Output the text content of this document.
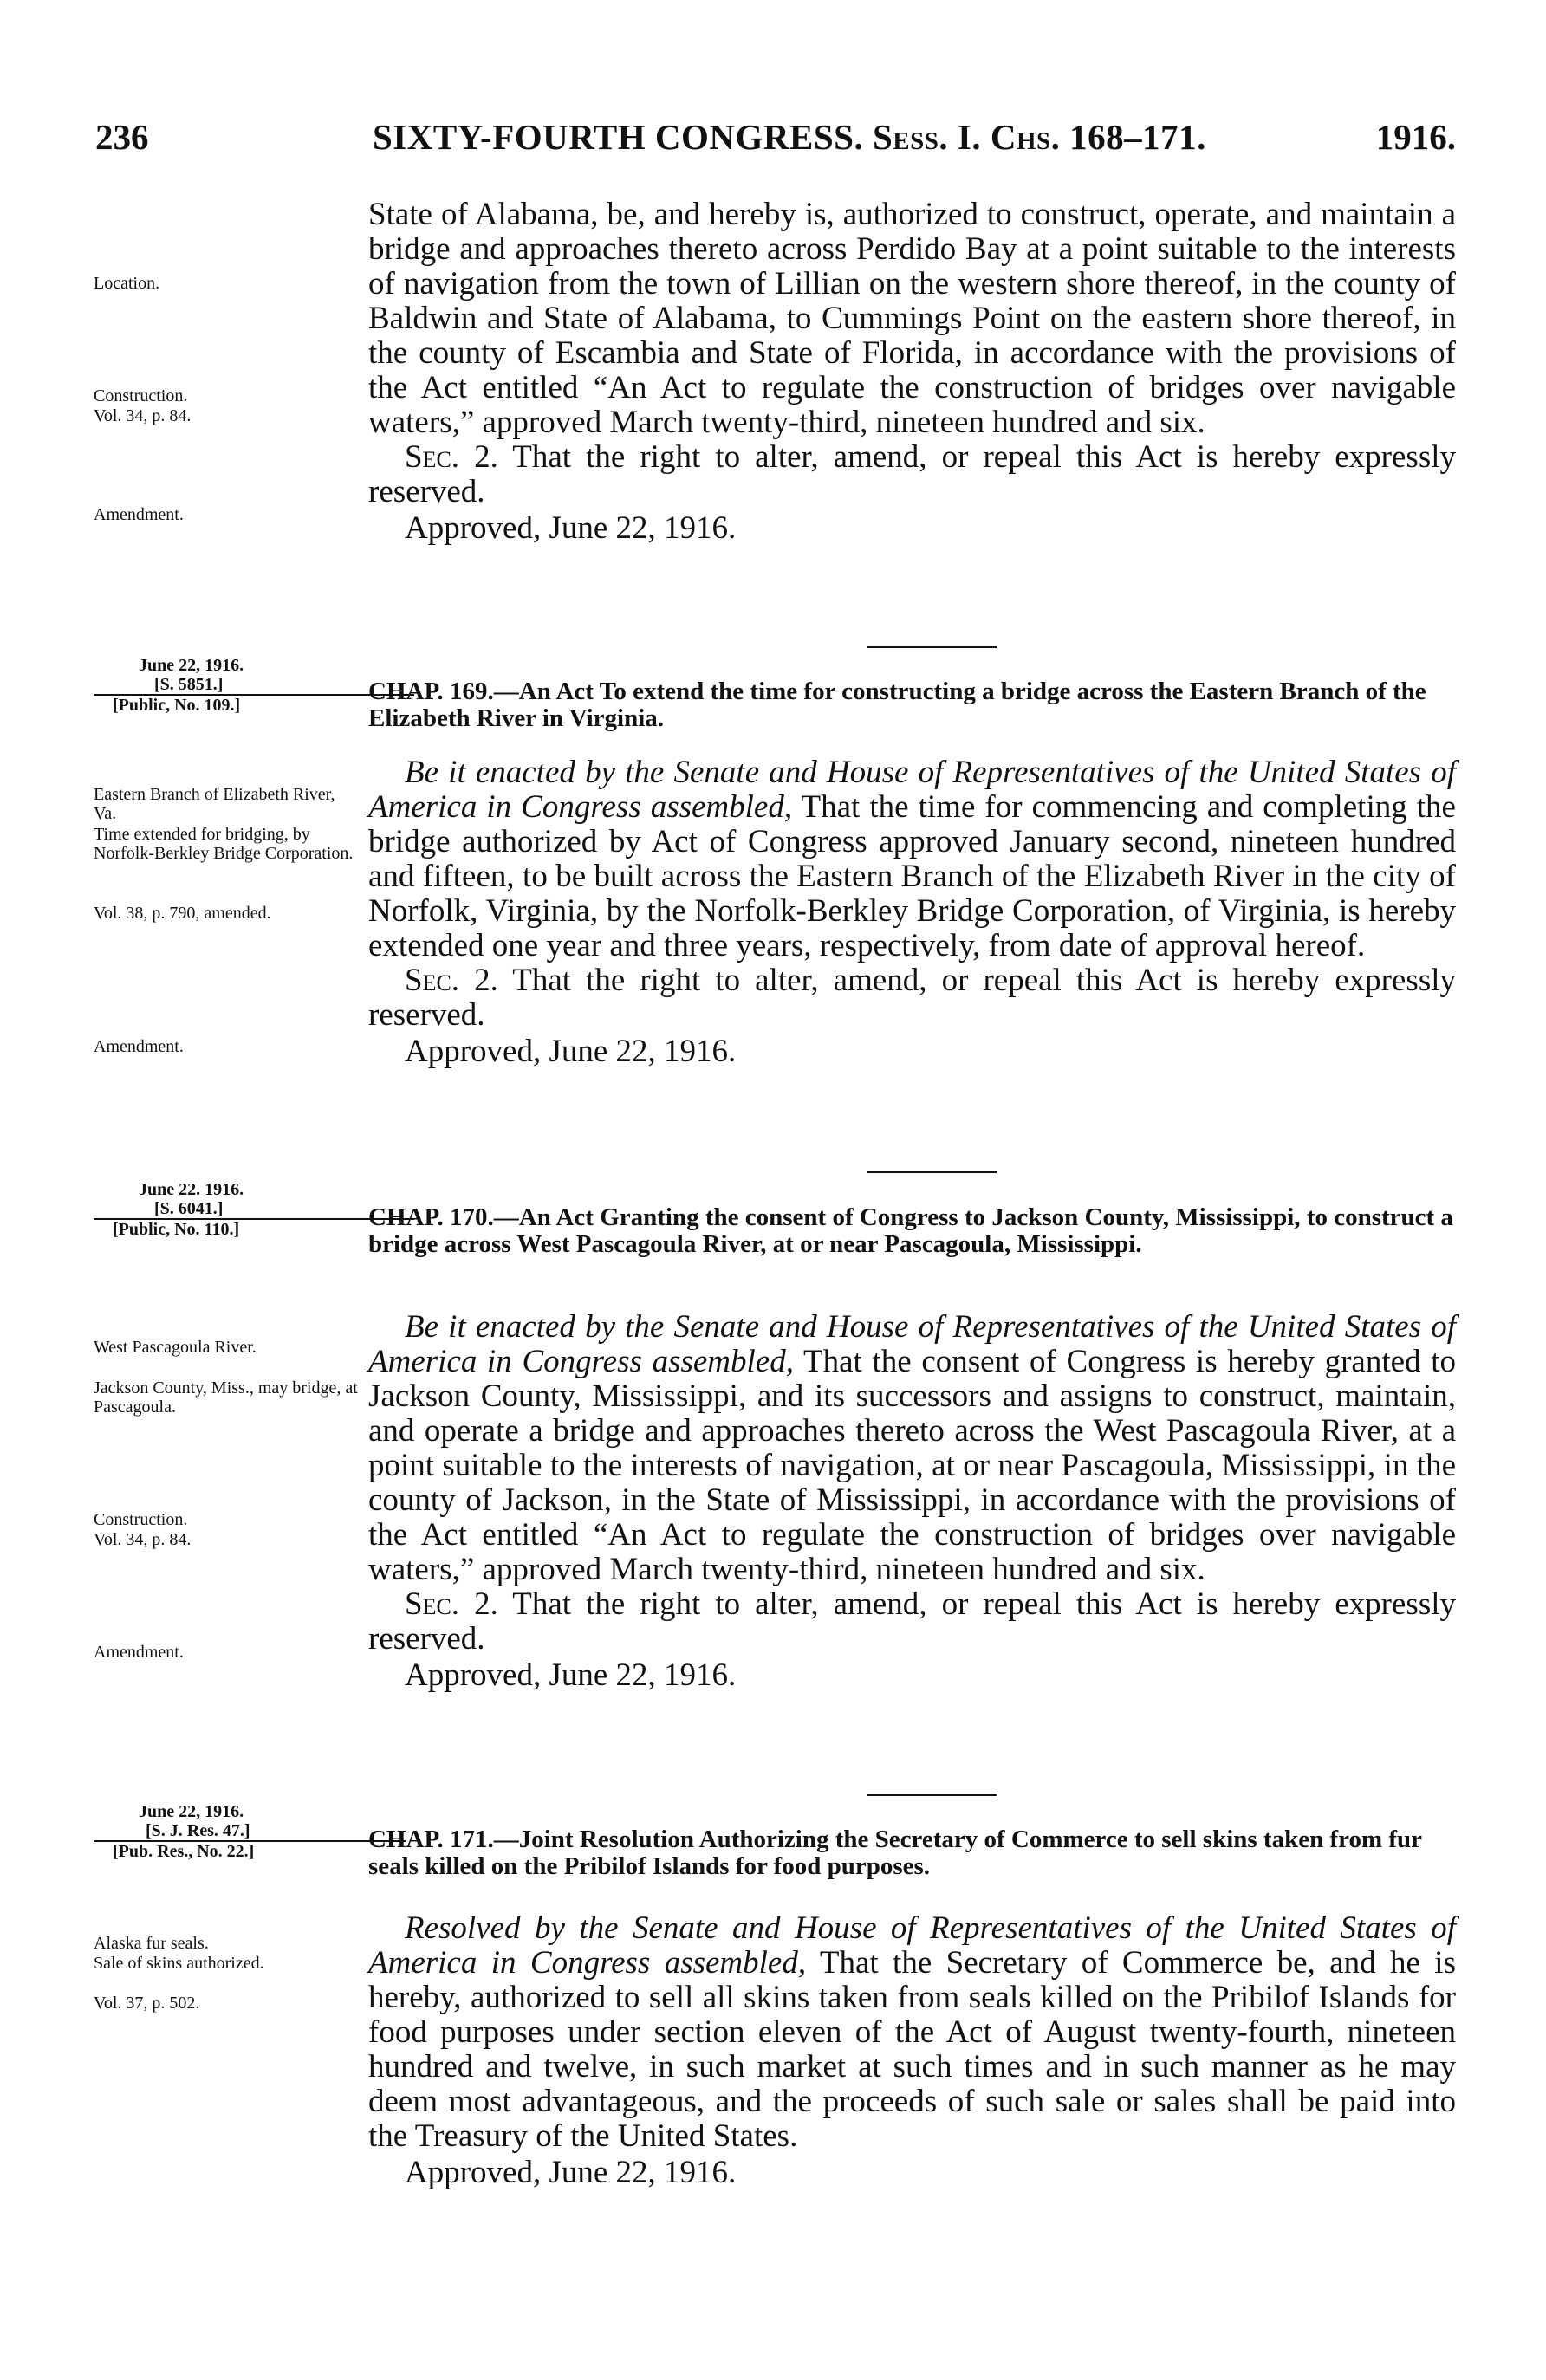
236	SIXTY-FOURTH CONGRESS. Sess. I. Chs. 168–171.	1916.
Location.
Construction.
Vol. 34, p. 84.
Amendment.

State of Alabama, be, and hereby is, authorized to construct, operate, and maintain a bridge and approaches thereto across Perdido Bay at a point suitable to the interests of navigation from the town of Lillian on the western shore thereof, in the county of Baldwin and State of Alabama, to Cummings Point on the eastern shore thereof, in the county of Escambia and State of Florida, in accordance with the provisions of the Act entitled “An Act to regulate the construction of bridges over navigable waters,” approved March twenty-third, nineteen hundred and six.

Sec. 2. That the right to alter, amend, or repeal this Act is hereby expressly reserved.

Approved, June 22, 1916.

June 22, 1916.
[S. 5851.]
[Public, No. 109.]	CHAP. 169.—An Act To extend the time for constructing a bridge across the Eastern Branch of the Elizabeth River in Virginia.
Eastern Branch of Elizabeth River, Va.
Time extended for bridging, by Norfolk-Berkley Bridge Corporation.
Vol. 38, p. 790, amended.
Amendment.

Be it enacted by the Senate and House of Representatives of the United States of America in Congress assembled, That the time for commencing and completing the bridge authorized by Act of Congress approved January second, nineteen hundred and fifteen, to be built across the Eastern Branch of the Elizabeth River in the city of Norfolk, Virginia, by the Norfolk-Berkley Bridge Corporation, of Virginia, is hereby extended one year and three years, respectively, from date of approval hereof.

Sec. 2. That the right to alter, amend, or repeal this Act is hereby expressly reserved.

Approved, June 22, 1916.

June 22. 1916.
[S. 6041.]
[Public, No. 110.]	CHAP. 170.—An Act Granting the consent of Congress to Jackson County, Mississippi, to construct a bridge across West Pascagoula River, at or near Pascagoula, Mississippi.
West Pascagoula River.
Jackson County, Miss., may bridge, at Pascagoula.
Construction.
Vol. 34, p. 84.
Amendment.

Be it enacted by the Senate and House of Representatives of the United States of America in Congress assembled, That the consent of Congress is hereby granted to Jackson County, Mississippi, and its successors and assigns to construct, maintain, and operate a bridge and approaches thereto across the West Pascagoula River, at a point suitable to the interests of navigation, at or near Pascagoula, Mississippi, in the county of Jackson, in the State of Mississippi, in accordance with the provisions of the Act entitled “An Act to regulate the construction of bridges over navigable waters,” approved March twenty-third, nineteen hundred and six.

Sec. 2. That the right to alter, amend, or repeal this Act is hereby expressly reserved.

Approved, June 22, 1916.

June 22, 1916.
[S. J. Res. 47.]
[Pub. Res., No. 22.]	CHAP. 171.—Joint Resolution Authorizing the Secretary of Commerce to sell skins taken from fur seals killed on the Pribilof Islands for food purposes.
Alaska fur seals.
Sale of skins authorized.
Vol. 37, p. 502.

Resolved by the Senate and House of Representatives of the United States of America in Congress assembled, That the Secretary of Commerce be, and he is hereby, authorized to sell all skins taken from seals killed on the Pribilof Islands for food purposes under section eleven of the Act of August twenty-fourth, nineteen hundred and twelve, in such market at such times and in such manner as he may deem most advantageous, and the proceeds of such sale or sales shall be paid into the Treasury of the United States.

Approved, June 22, 1916.
